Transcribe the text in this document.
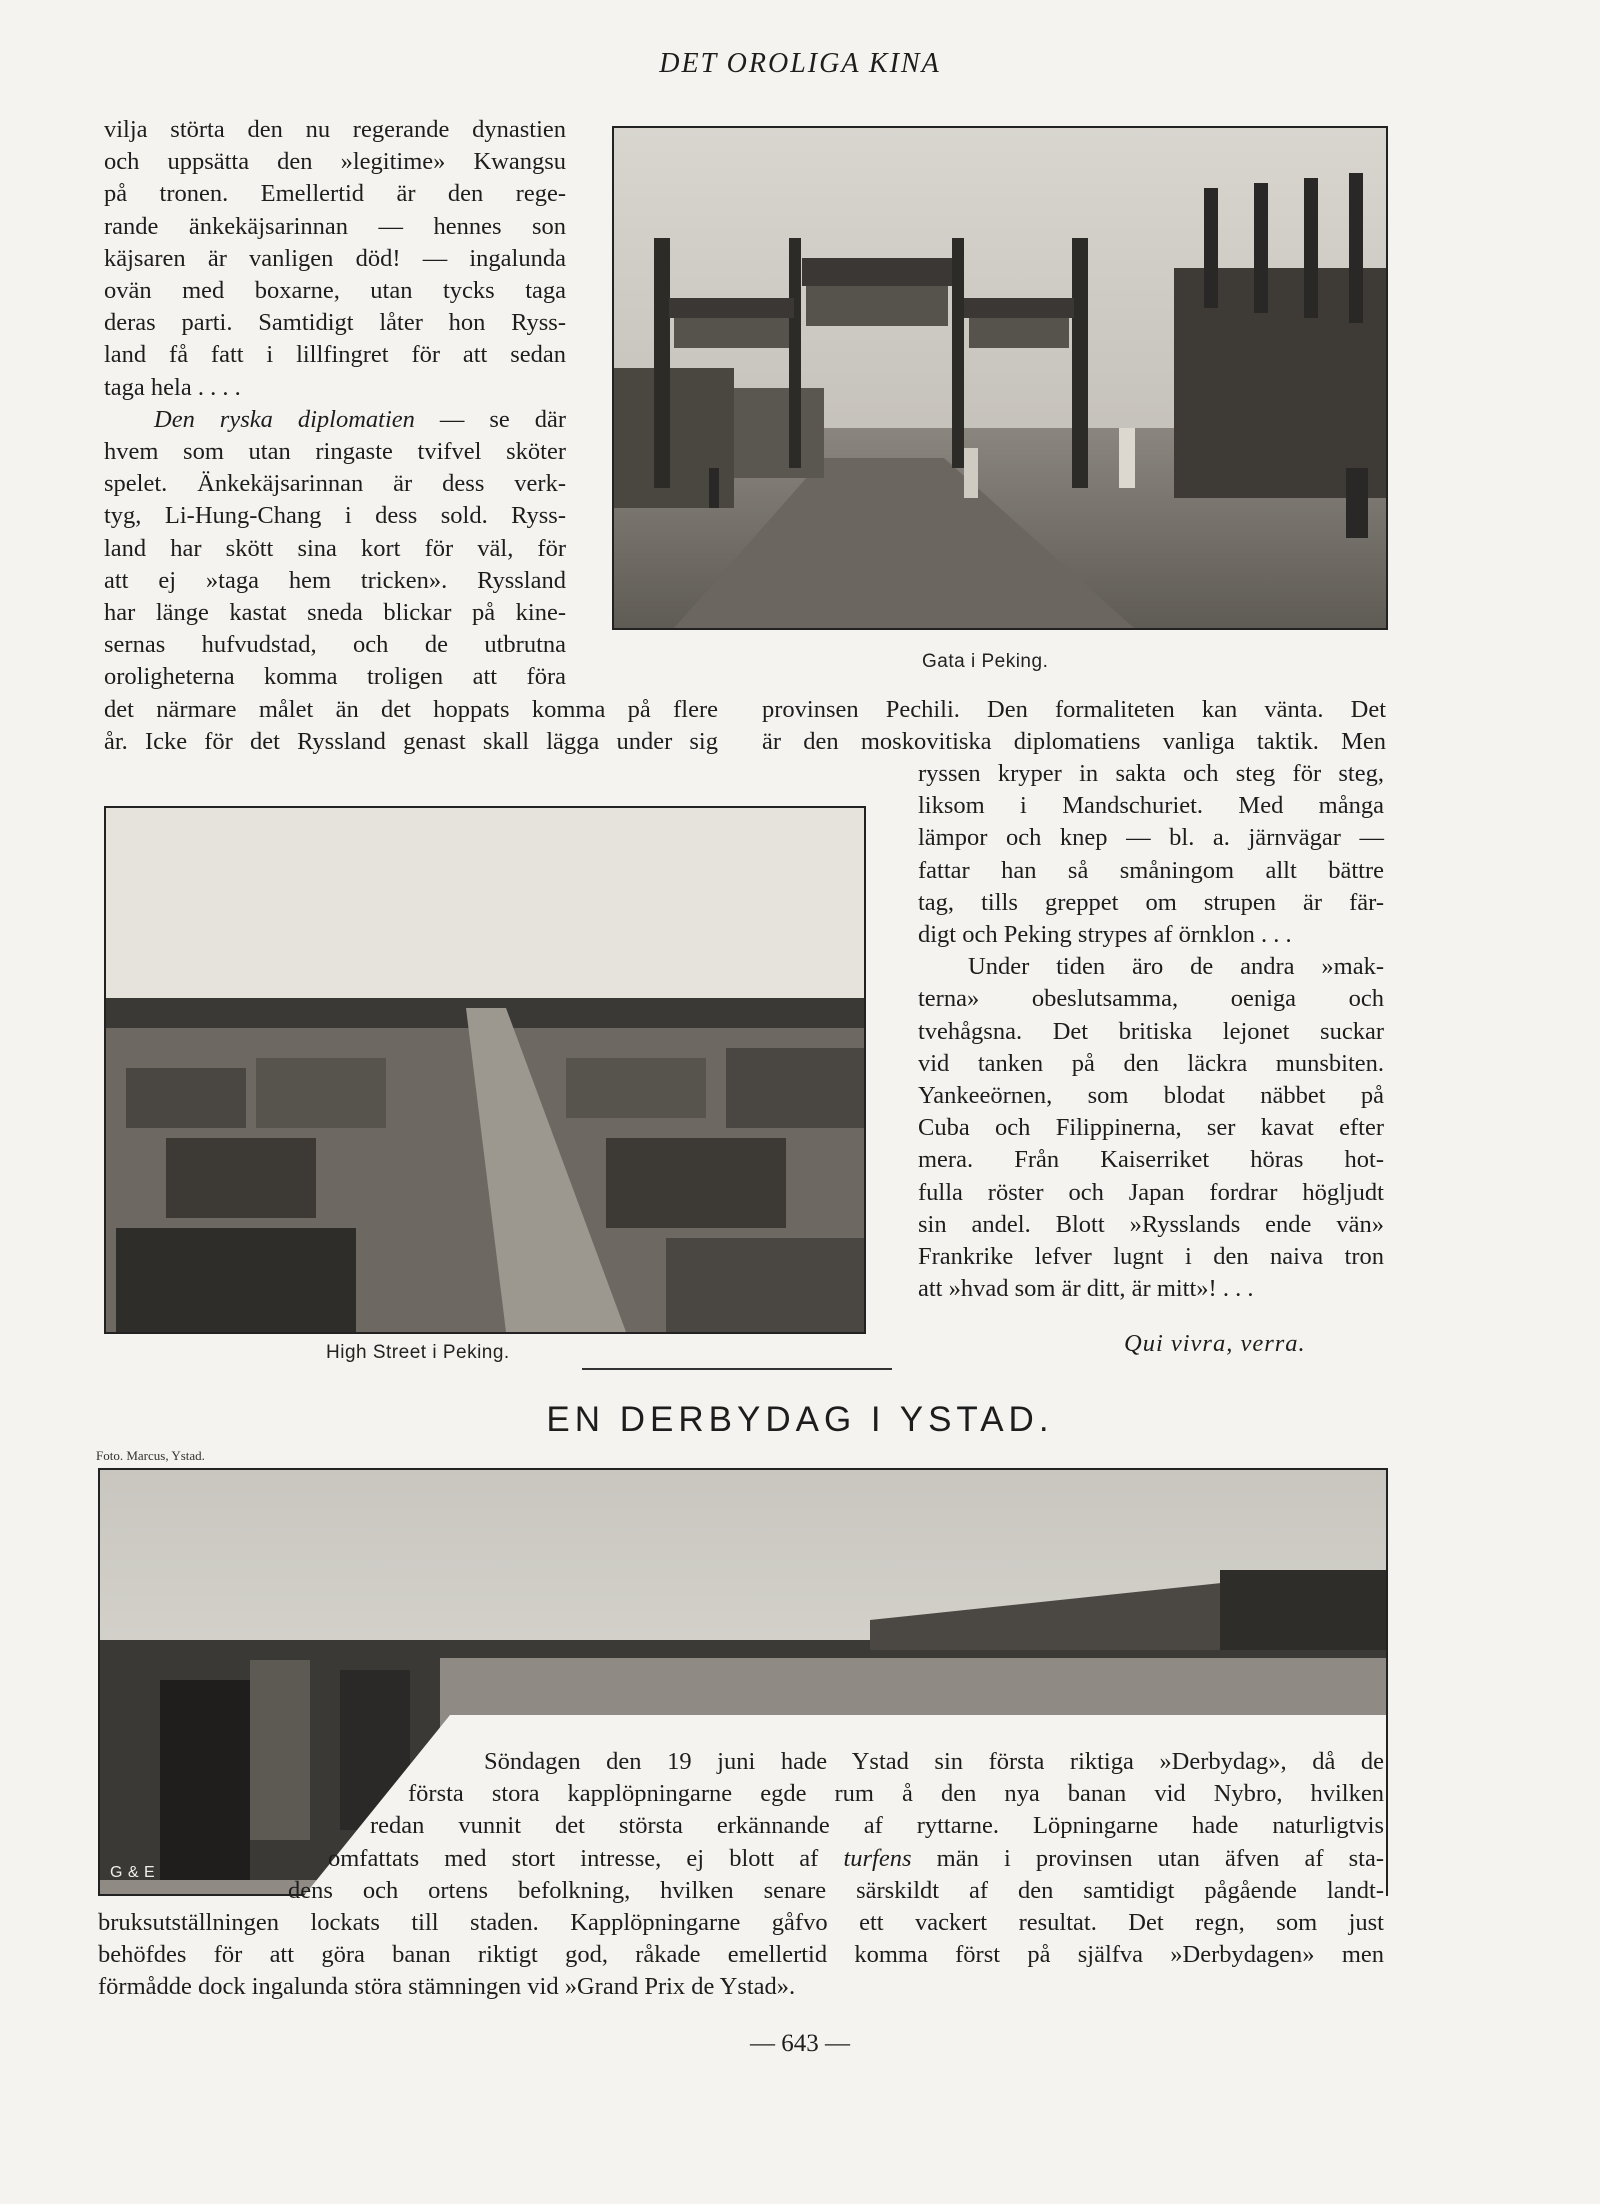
DET OROLIGA KINA
vilja störta den nu regerande dynastien
och uppsätta den »legitime» Kwangsu
på tronen. Emellertid är den rege-
rande änkekäjsarinnan — hennes son
käjsaren är vanligen död! — ingalunda
ovän med boxarne, utan tycks taga
deras parti. Samtidigt låter hon Ryss-
land få fatt i lillfingret för att sedan
taga hela . . . .
Den ryska diplomatien — se där
hvem som utan ringaste tvifvel sköter
spelet. Änkekäjsarinnan är dess verk-
tyg, Li-Hung-Chang i dess sold. Ryss-
land har skött sina kort för väl, för
att ej »taga hem tricken». Ryssland
har länge kastat sneda blickar på kine-
sernas hufvudstad, och de utbrutna
oroligheterna komma troligen att föra
det närmare målet än det hoppats komma på flere
år. Icke för det Ryssland genast skall lägga under sig
Gata i Peking.
provinsen Pechili. Den formaliteten kan vänta. Det
är den moskovitiska diplomatiens vanliga taktik. Men
High Street i Peking.
ryssen kryper in sakta och steg för steg,
liksom i Mandschuriet. Med många
lämpor och knep — bl. a. järnvägar —
fattar han så småningom allt bättre
tag, tills greppet om strupen är fär-
digt och Peking strypes af örnklon . . .
Under tiden äro de andra »mak-
terna» obeslutsamma, oeniga och
tvehågsna. Det britiska lejonet suckar
vid tanken på den läckra munsbiten.
Yankeeörnen, som blodat näbbet på
Cuba och Filippinerna, ser kavat efter
mera. Från Kaiserriket höras hot-
fulla röster och Japan fordrar högljudt
sin andel. Blott »Rysslands ende vän»
Frankrike lefver lugnt i den naiva tron
att »hvad som är ditt, är mitt»! . . .
Qui vivra, verra.
EN DERBYDAG I YSTAD.
Foto. Marcus, Ystad.
G & E
Söndagen den 19 juni hade Ystad sin första riktiga »Derbydag», då de
första stora kapplöpningarne egde rum å den nya banan vid Nybro, hvilken
redan vunnit det största erkännande af ryttarne. Löpningarne hade naturligtvis
omfattats med stort intresse, ej blott af turfens män i provinsen utan äfven af sta-
dens och ortens befolkning, hvilken senare särskildt af den samtidigt pågående landt-
bruksutställningen lockats till staden. Kapplöpningarne gåfvo ett vackert resultat. Det regn, som just
behöfdes för att göra banan riktigt god, råkade emellertid komma först på själfva »Derbydagen» men
förmådde dock ingalunda störa stämningen vid »Grand Prix de Ystad».
— 643 —
